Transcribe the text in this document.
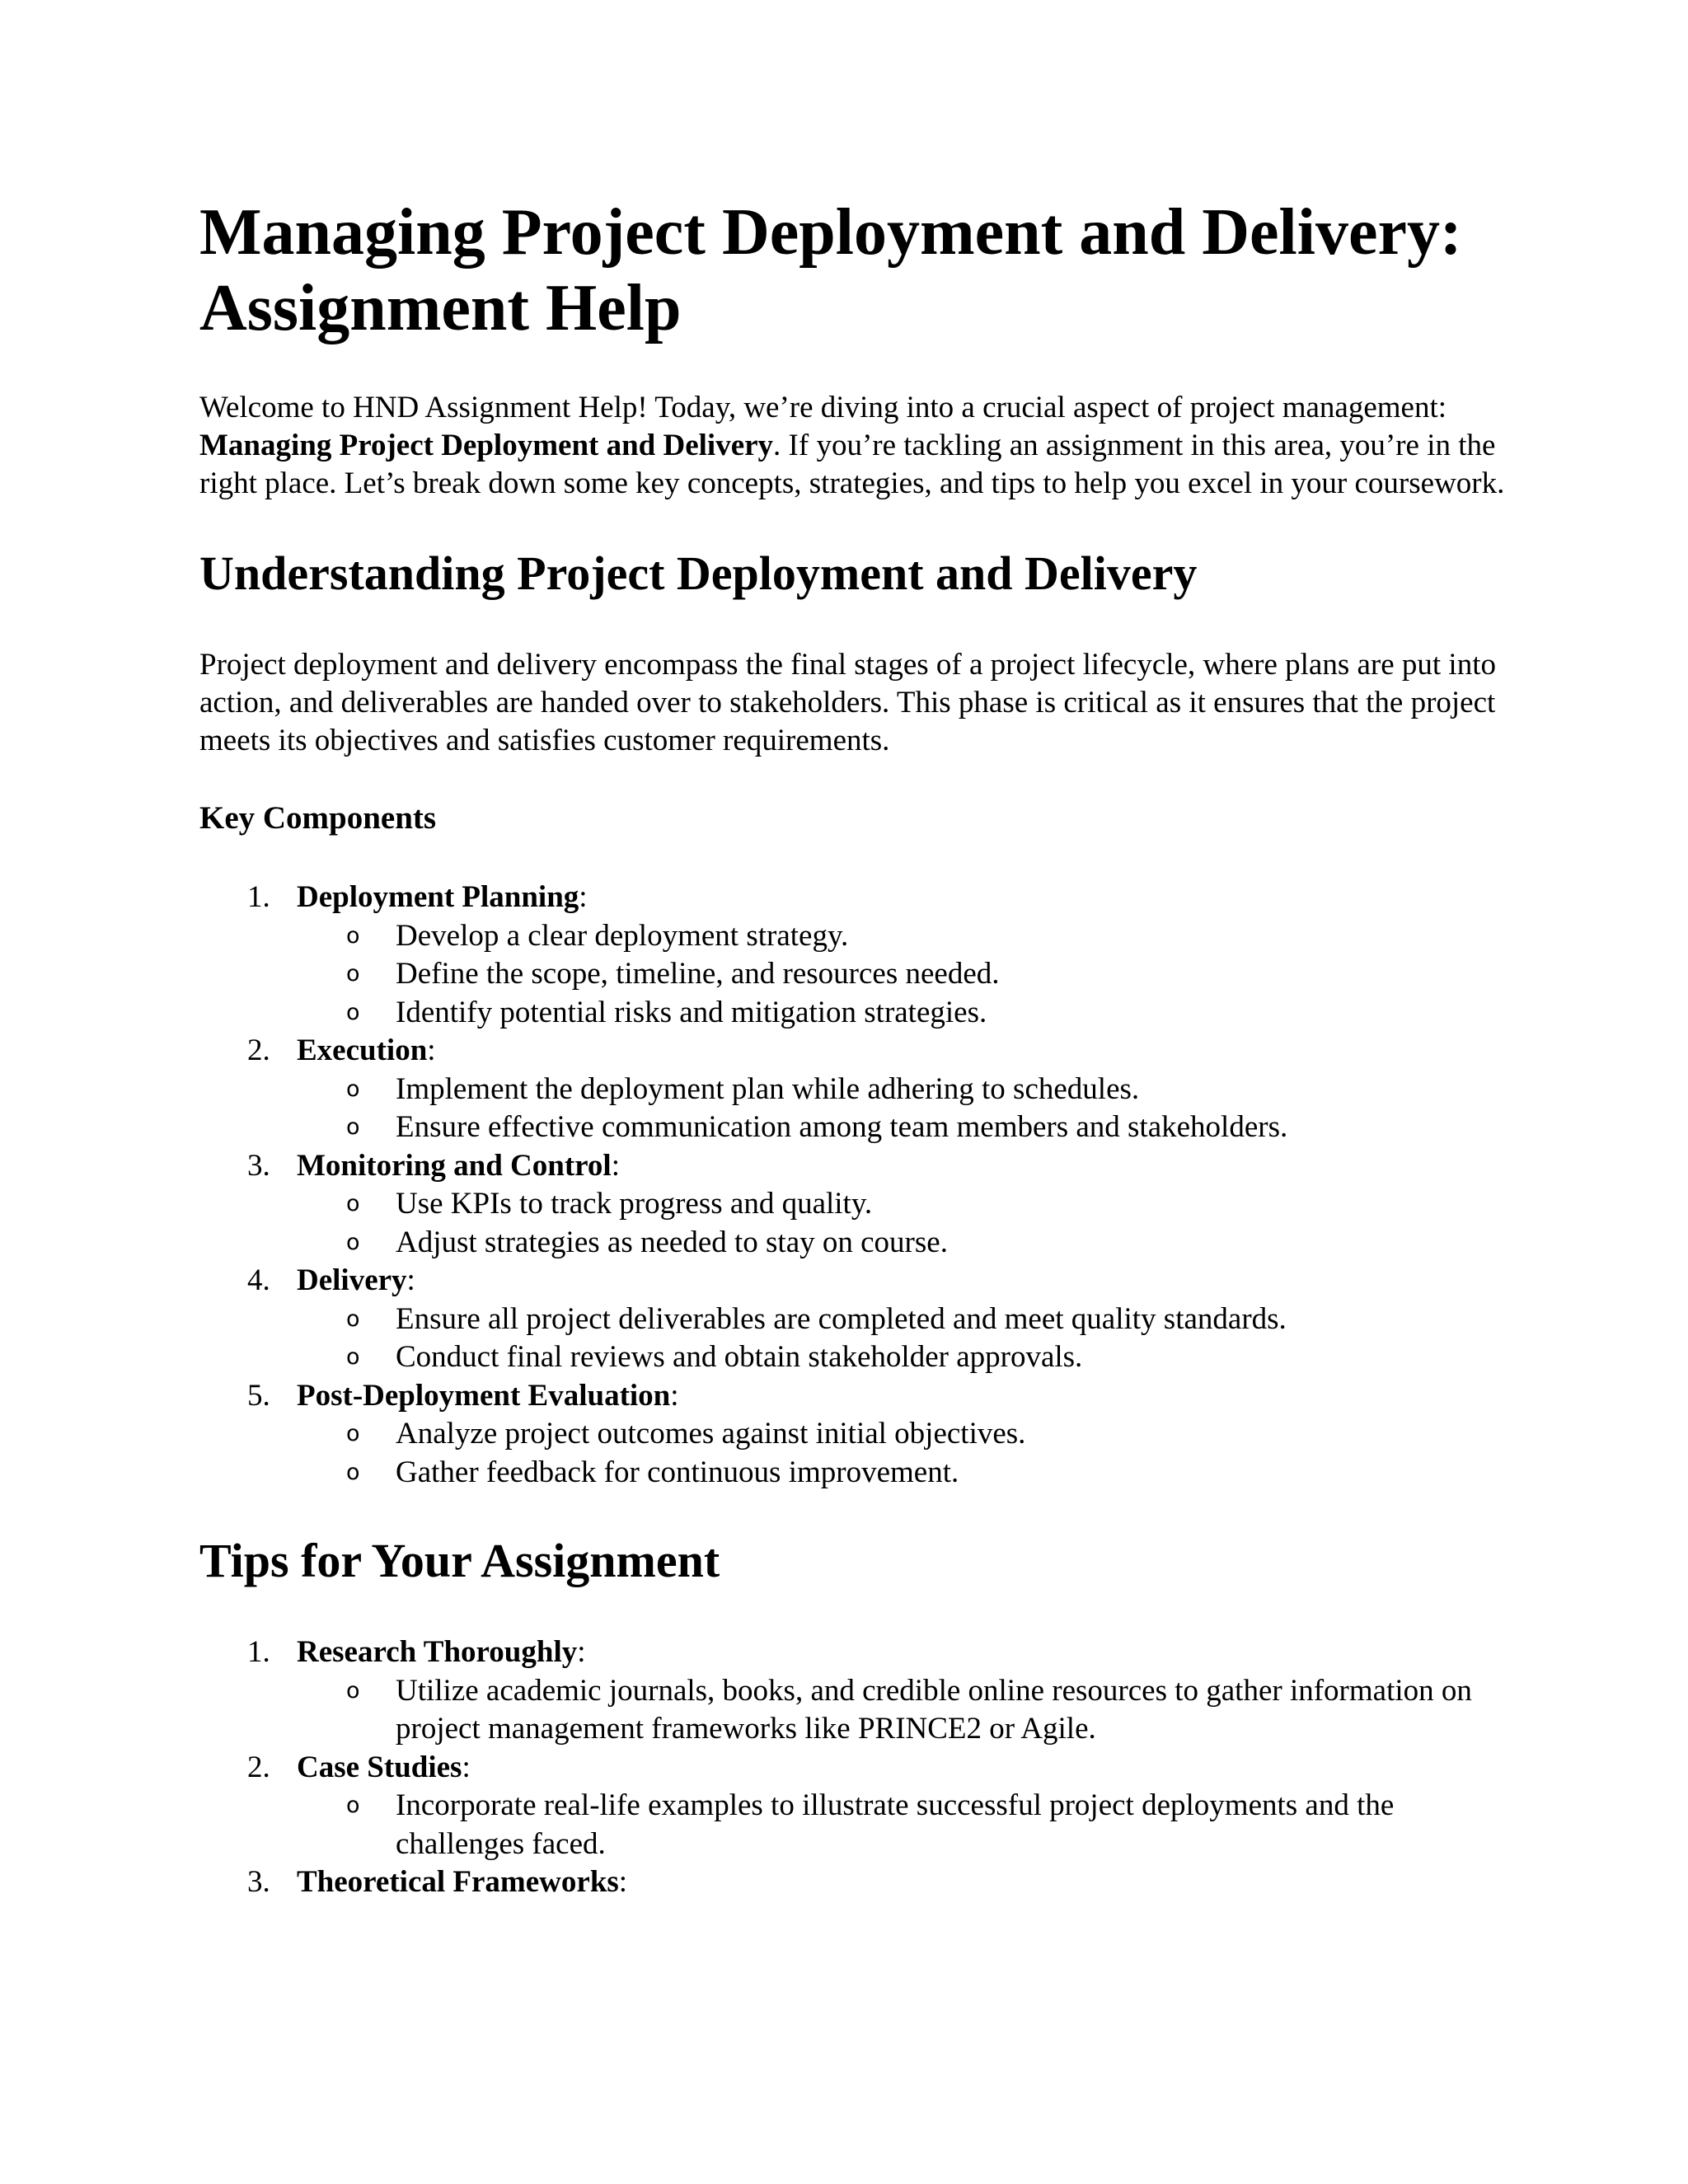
Managing Project Deployment and Delivery: Assignment Help

Welcome to HND Assignment Help! Today, we’re diving into a crucial aspect of project management: Managing Project Deployment and Delivery. If you’re tackling an assignment in this area, you’re in the right place. Let’s break down some key concepts, strategies, and tips to help you excel in your coursework.

Understanding Project Deployment and Delivery

Project deployment and delivery encompass the final stages of a project lifecycle, where plans are put into action, and deliverables are handed over to stakeholders. This phase is critical as it ensures that the project meets its objectives and satisfies customer requirements.

Key Components
1. Deployment Planning:
o Develop a clear deployment strategy.
o Define the scope, timeline, and resources needed.
o Identify potential risks and mitigation strategies.
2. Execution:
o Implement the deployment plan while adhering to schedules.
o Ensure effective communication among team members and stakeholders.
3. Monitoring and Control:
o Use KPIs to track progress and quality.
o Adjust strategies as needed to stay on course.
4. Delivery:
o Ensure all project deliverables are completed and meet quality standards.
o Conduct final reviews and obtain stakeholder approvals.
5. Post-Deployment Evaluation:
o Analyze project outcomes against initial objectives.
o Gather feedback for continuous improvement.
Tips for Your Assignment
1. Research Thoroughly:
o Utilize academic journals, books, and credible online resources to gather information on project management frameworks like PRINCE2 or Agile.
2. Case Studies:
o Incorporate real-life examples to illustrate successful project deployments and the challenges faced.
3. Theoretical Frameworks:
